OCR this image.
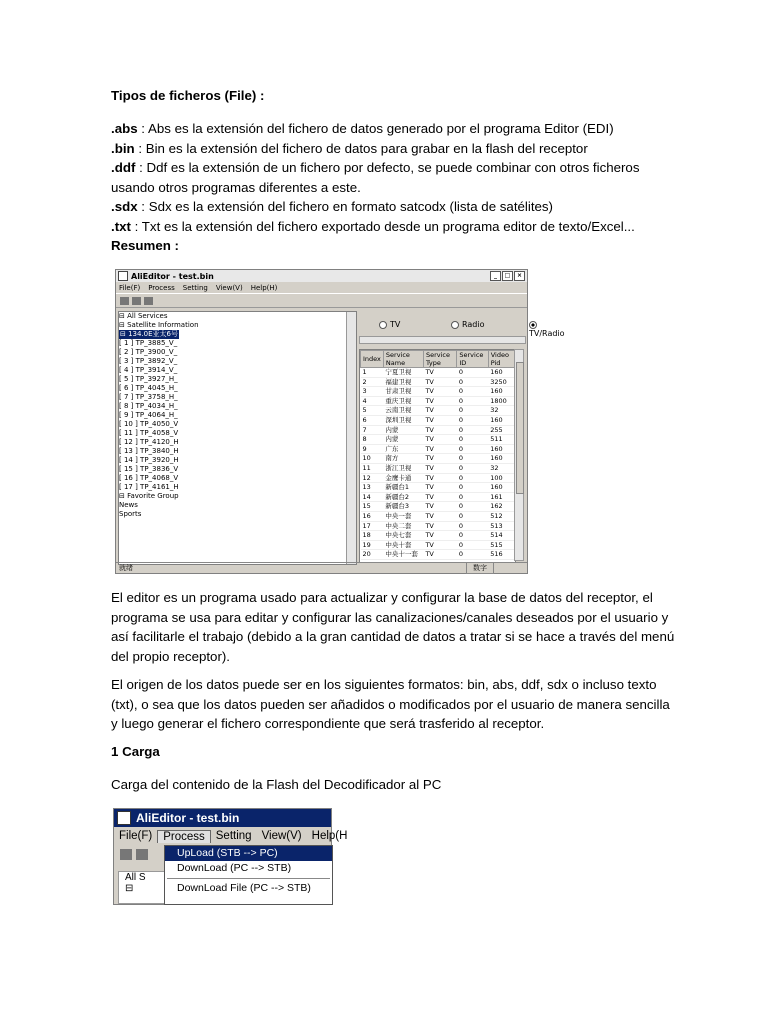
Tipos de ficheros (File) :
.abs : Abs es la extensión del fichero de datos generado por el programa Editor (EDI)
.bin : Bin es la extensión del fichero de datos para grabar en la flash del receptor
.ddf : Ddf es la extensión de un fichero por defecto, se puede combinar con otros ficheros
usando otros programas diferentes a este.
.sdx : Sdx es la extensión del fichero en formato satcodx (lista de satélites)
.txt : Txt es la extensión del fichero exportado desde un programa editor de texto/Excel...
Resumen :
AliEditor - test.bin	_	□	×
File(F) Process Setting View(V) Help(H)
⊟ All Services
⊟ Satellite Information
⊟ 134.0E亚太6号
[ 1 ] TP_3885_V_
[ 2 ] TP_3900_V_
[ 3 ] TP_3892_V_
[ 4 ] TP_3914_V_
[ 5 ] TP_3927_H_
[ 6 ] TP_4045_H_
[ 7 ] TP_3758_H_
[ 8 ] TP_4034_H_
[ 9 ] TP_4064_H_
[ 10 ] TP_4050_V
[ 11 ] TP_4058_V
[ 12 ] TP_4120_H
[ 13 ] TP_3840_H
[ 14 ] TP_3920_H
[ 15 ] TP_3836_V
[ 16 ] TP_4068_V
[ 17 ] TP_4161_H
⊟ Favorite Group
News
Sports
TV	Radio
TV/Radio
Index	Service Name	Service Type	Service ID	Video Pid
1	宁夏卫视	TV	0	160
2	福建卫视	TV	0	3250
3	甘肃卫视	TV	0	160
4	重庆卫视	TV	0	1800
5	云南卫视	TV	0	32
6	深圳卫视	TV	0	160
7	内蒙	TV	0	255
8	内蒙	TV	0	511
9	广东	TV	0	160
10	南方	TV	0	160
11	浙江卫视	TV	0	32
12	金鹰卡通	TV	0	100
13	新疆台1	TV	0	160
14	新疆台2	TV	0	161
15	新疆台3	TV	0	162
16	中央一套	TV	0	512
17	中央二套	TV	0	513
18	中央七套	TV	0	514
19	中央十套	TV	0	515
20	中央十一套	TV	0	516
就绪	数字
El editor es un programa usado para actualizar y configurar la base de datos del receptor, el
programa se usa para editar y configurar las canalizaciones/canales deseados por el usuario y
así facilitarle el trabajo (debido a la gran cantidad de datos a tratar si se hace a través del menú
del propio receptor).
El origen de los datos puede ser en los siguientes formatos: bin, abs, ddf, sdx o incluso texto
(txt), o sea que los datos pueden ser añadidos o modificados por el usuario de manera sencilla
y luego generar el fichero correspondiente que será trasferido al receptor.
1 Carga
Carga del contenido de la Flash del Decodificador al PC
AliEditor - test.bin
File(F) Process Setting View(V) Help(H
All S
⊟
UpLoad (STB --> PC)
DownLoad (PC --> STB)
DownLoad File (PC --> STB)
